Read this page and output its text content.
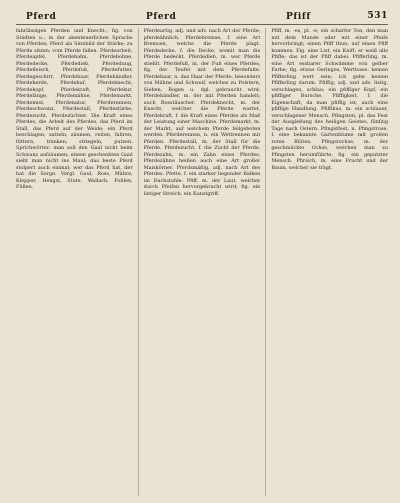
Pferd	Pferd	Pfiff	531

fahrlässigen Pferden und Knecht.; fig. von Städten u.; in der abenteuerlichen Sprache von Pferden; Pferd als Sinnbild der Stärke; zu Pferde sitzen; vom Pferde fallen. Pferdearbeit, Pferdeapfel, Pferdebahn, Pferdebohne, Pferdedecke, Pferdedieb, Pferdedung, Pferdefleisch, Pferdefuß, Pferdefutter, Pferdegeschirr, Pferdehaar, Pferdehändler, Pferdeherde, Pferdehuf, Pferdeknecht, Pferdekopf, Pferdekraft, Pferdekur, Pferdelänge, Pferdemähne, Pferdemarkt, Pferdemist, Pferdenatur, Pferderennen, Pferdeschwanz, Pferdestall, Pferdestärke, Pferdezucht, Pferdezüchter. Die Kraft eines Pferdes, die Arbeit des Pferdes, das Pferd im Stall, das Pferd auf der Weide; ein Pferd beschlagen, satteln, zäumen, reiten, fahren, füttern, tränken, striegeln, putzen. Sprichwörter: man soll den Gaul nicht beim Schwanz aufzäumen; einem geschenkten Gaul sieht man nicht ins Maul; das beste Pferd stolpert auch einmal; wer das Pferd hat, der hat die Sorge. Vergl. Gaul, Ross, Mähre, Klepper, Hengst, Stute, Wallach, Fohlen, Füllen.

Pferdeartig, adj. und adv. nach Art der Pferde; pferdeähnlich. Pferdebremse, f. eine Art Bremsen, welche die Pferde plagt. Pferdedecke, f. die Decke, womit man die Pferde bedeckt. Pferdedieb, m. wer Pferde stiehlt. Pferdefuß, m. der Fuß eines Pferdes; fig. der Teufel mit dem Pferdefuße. Pferdehaar, n. das Haar der Pferde, besonders von Mähne und Schweif, welches zu Polstern, Sieben, Bogen u. dgl. gebraucht wird. Pferdehändler, m. der mit Pferden handelt; auch Rosstäuscher. Pferdeknecht, m. der Knecht, welcher die Pferde wartet. Pferdekraft, f. die Kraft eines Pferdes als Maß der Leistung einer Maschine. Pferdemarkt, m. der Markt, auf welchem Pferde feilgeboten werden. Pferderennen, n. ein Wettrennen mit Pferden. Pferdestall, m. der Stall für die Pferde. Pferdezucht, f. die Zucht der Pferde. Pferdezahn, m. ein Zahn eines Pferdes; Pferdezähne heißen auch eine Art großer Maiskörner. Pferdsmäßig, adj. nach Art des Pferdes. Pfette, f. ein starker liegender Balken im Dachstuhle. Pfiff, m. der Laut, welcher durch Pfeifen hervorgebracht wird; fig. ein listiger Streich, ein Kunstgriff.

Pfiff, m. -es, pl. -e; ein scharfer Ton, den man mit dem Munde oder mit einer Pfeife hervorbringt; einen Pfiff thun; auf einen Pfiff kommen. Fig. eine List, ein Kniff; er weiß alle Pfiffe; das ist der Pfiff dabei. Pfifferling, m. eine Art essbarer Schwämme von gelber Farbe; fig. etwas Geringes, Wertloses: keinen Pfifferling wert sein; ich gebe keinen Pfifferling darum. Pfiffig, adj. und adv. listig, verschlagen, schlau; ein pfiffiger Kopf, ein pfiffiger Bursche. Pfiffigkeit, f. die Eigenschaft, da man pfiffig ist; auch eine pfiffige Handlung. Pfiffikus, m. ein schlauer, verschlagener Mensch. Pfingsten, pl. das Fest der Ausgießung des heiligen Geistes, fünfzig Tage nach Ostern. Pfingstfest, n. Pfingstrose, f. eine bekannte Gartenblume mit großen roten Blüten. Pfingstochse, m. der geschmückte Ochse, welchen man zu Pfingsten herumführte; fig. ein geputzter Mensch. Pfirsich, m. eine Frucht und der Baum, welcher sie trägt.
